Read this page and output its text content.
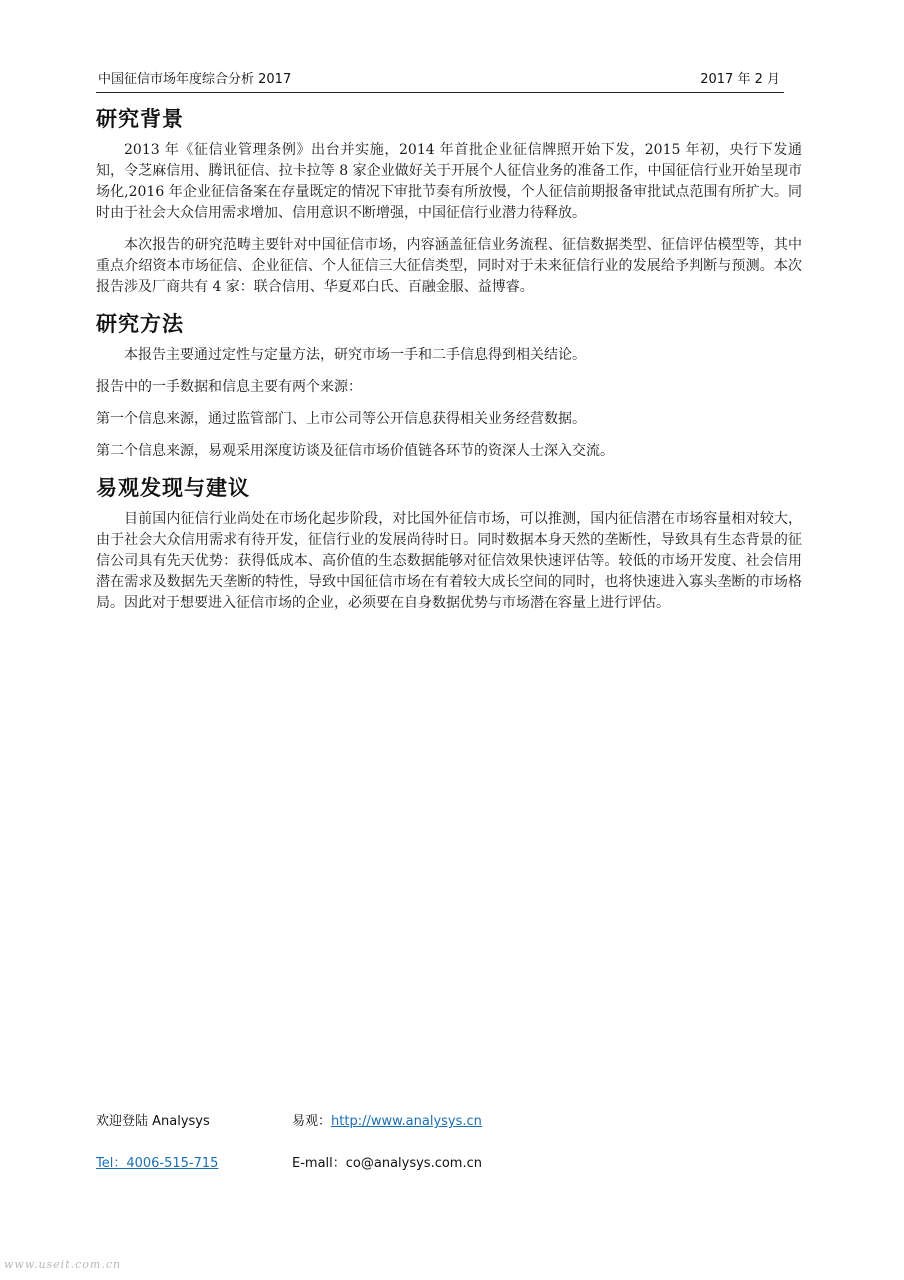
中国征信市场年度综合分析 2017	2017 年 2 月
研究背景

2013 年《征信业管理条例》出台并实施，2014 年首批企业征信牌照开始下发，2015 年初，央行下发通知，令芝麻信用、腾讯征信、拉卡拉等 8 家企业做好关于开展个人征信业务的准备工作，中国征信行业开始呈现市场化,2016 年企业征信备案在存量既定的情况下审批节奏有所放慢，个人征信前期报备审批试点范围有所扩大。同时由于社会大众信用需求增加、信用意识不断增强，中国征信行业潜力待释放。

本次报告的研究范畴主要针对中国征信市场，内容涵盖征信业务流程、征信数据类型、征信评估模型等，其中重点介绍资本市场征信、企业征信、个人征信三大征信类型，同时对于未来征信行业的发展给予判断与预测。本次报告涉及厂商共有 4 家：联合信用、华夏邓白氏、百融金服、益博睿。

研究方法

本报告主要通过定性与定量方法，研究市场一手和二手信息得到相关结论。

报告中的一手数据和信息主要有两个来源：

第一个信息来源，通过监管部门、上市公司等公开信息获得相关业务经营数据。

第二个信息来源，易观采用深度访谈及征信市场价值链各环节的资深人士深入交流。

易观发现与建议

目前国内征信行业尚处在市场化起步阶段，对比国外征信市场，可以推测，国内征信潜在市场容量相对较大，由于社会大众信用需求有待开发，征信行业的发展尚待时日。同时数据本身天然的垄断性，导致具有生态背景的征信公司具有先天优势：获得低成本、高价值的生态数据能够对征信效果快速评估等。较低的市场开发度、社会信用潜在需求及数据先天垄断的特性，导致中国征信市场在有着较大成长空间的同时，也将快速进入寡头垄断的市场格局。因此对于想要进入征信市场的企业，必须要在自身数据优势与市场潜在容量上进行评估。

欢迎登陆 Analysys	易观：http://www.analysys.cn
Tel：4006-515-715	E-mall：co@analysys.com.cn
www.useit.com.cn
